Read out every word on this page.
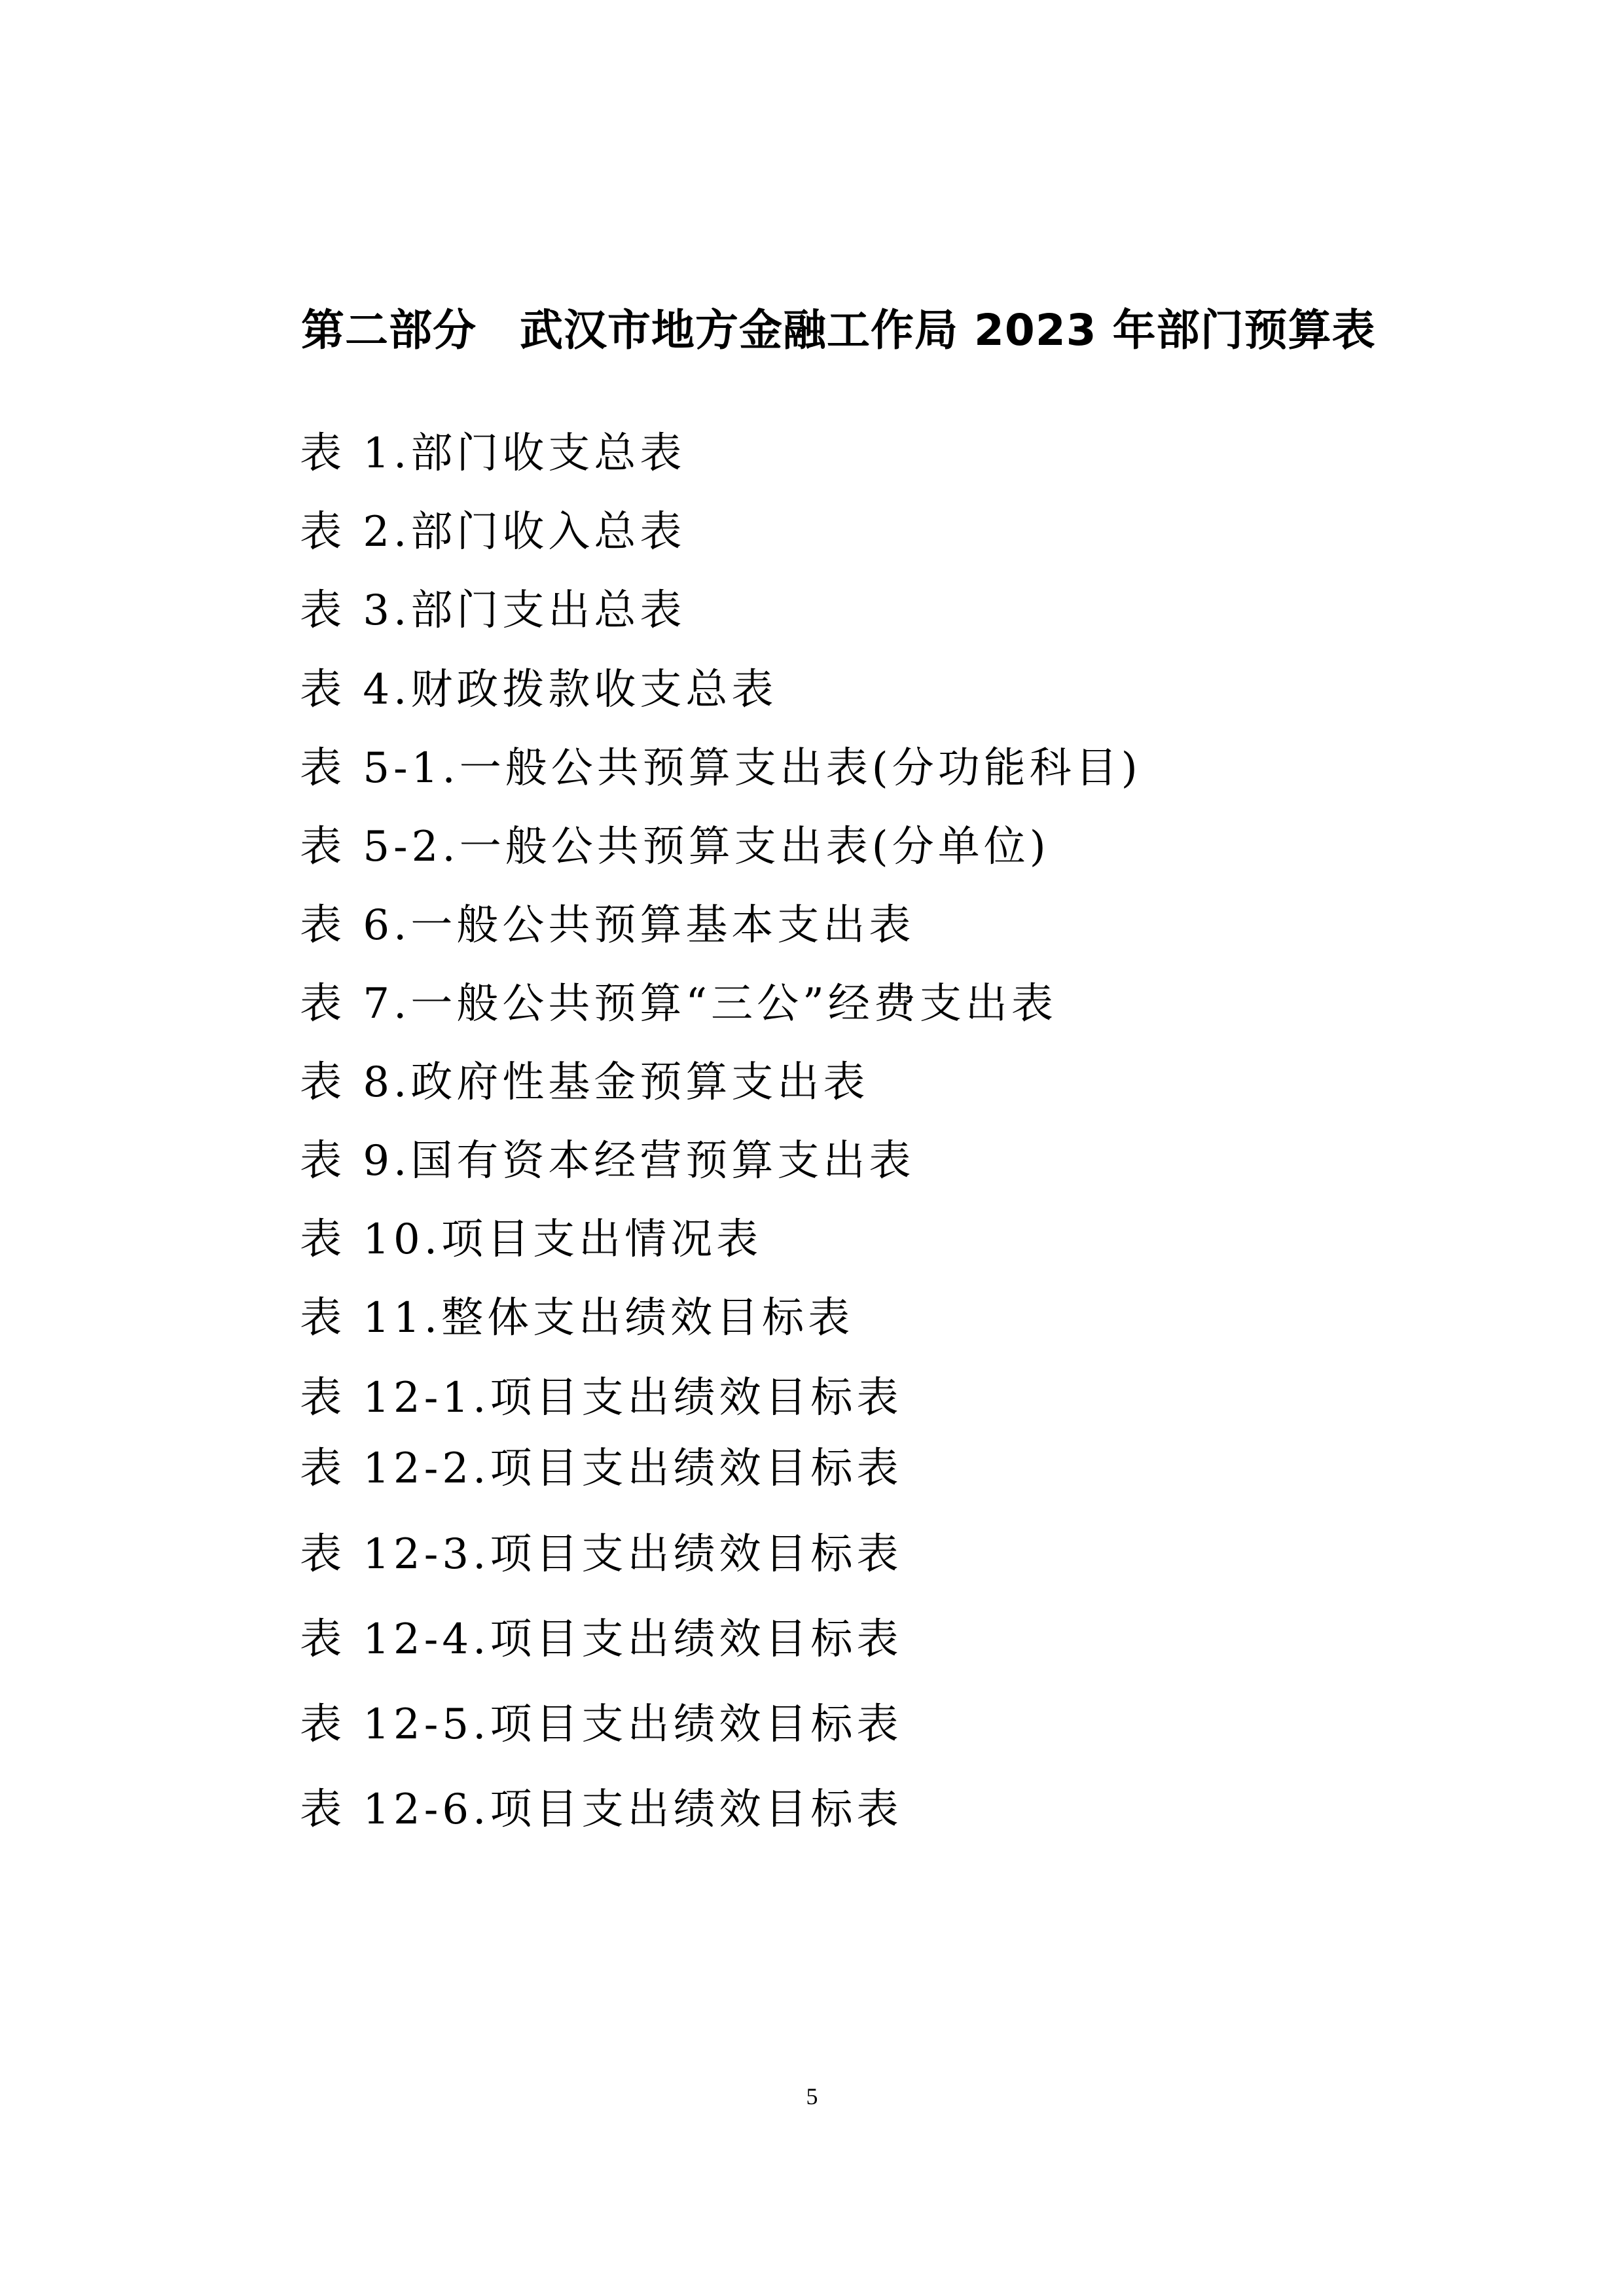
第二部分 武汉市地方金融工作局 2023 年部门预算表
表 1.部门收支总表
表 2.部门收入总表
表 3.部门支出总表
表 4.财政拨款收支总表
表 5-1.一般公共预算支出表(分功能科目)
表 5-2.一般公共预算支出表(分单位)
表 6.一般公共预算基本支出表
表 7.一般公共预算“三公”经费支出表
表 8.政府性基金预算支出表
表 9.国有资本经营预算支出表
表 10.项目支出情况表
表 11.整体支出绩效目标表
表 12-1.项目支出绩效目标表
表 12-2.项目支出绩效目标表
表 12-3.项目支出绩效目标表
表 12-4.项目支出绩效目标表
表 12-5.项目支出绩效目标表
表 12-6.项目支出绩效目标表
5
